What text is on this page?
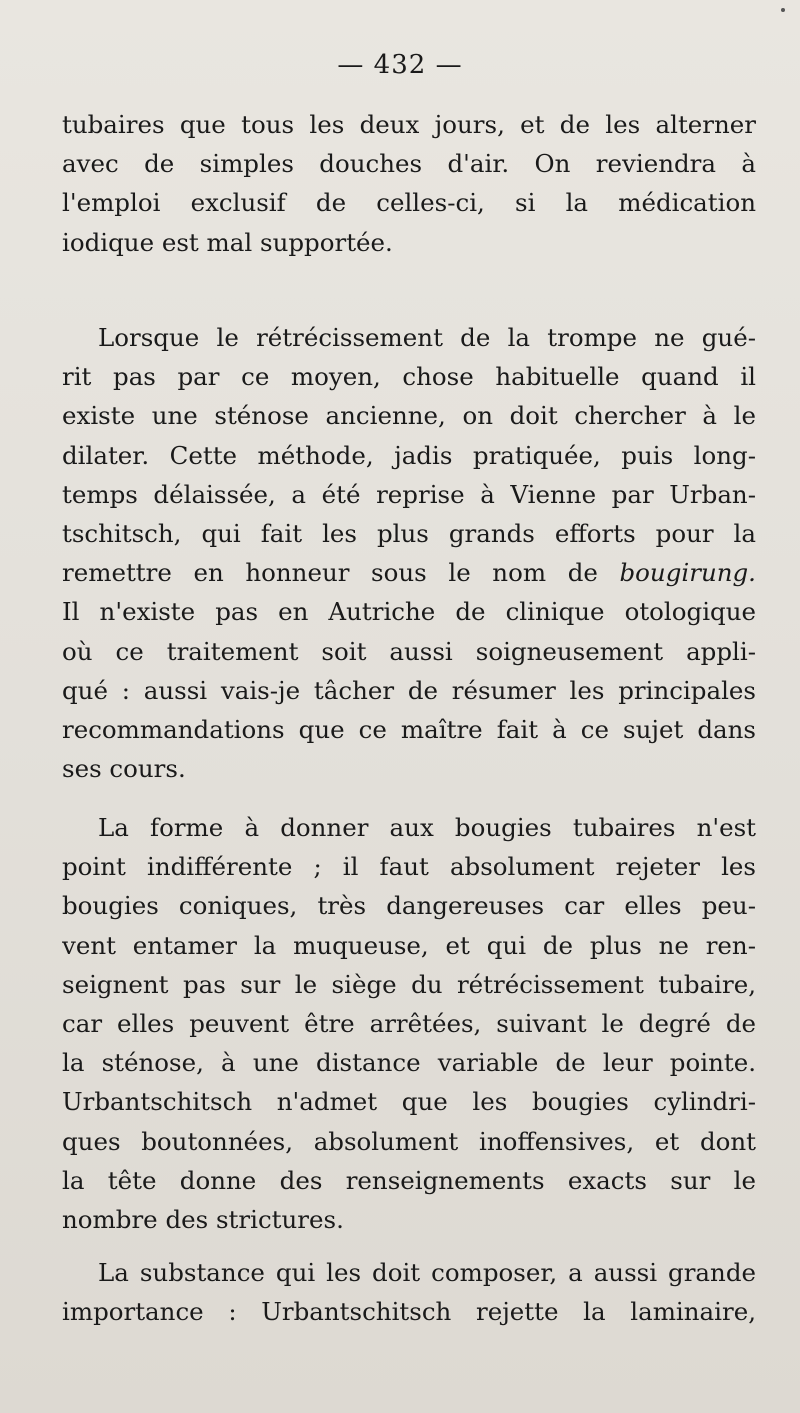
— 432 —
tubaires que tous les deux jours, et de les alterner
avec de simples douches d'air. On reviendra à
l'emploi exclusif de celles-ci, si la médication
iodique est mal supportée.
Lorsque le rétrécissement de la trompe ne gué-
rit pas par ce moyen, chose habituelle quand il
existe une sténose ancienne, on doit chercher à le
dilater. Cette méthode, jadis pratiquée, puis long-
temps délaissée, a été reprise à Vienne par Urban-
tschitsch, qui fait les plus grands efforts pour la
remettre en honneur sous le nom de bougirung.
Il n'existe pas en Autriche de clinique otologique
où ce traitement soit aussi soigneusement appli-
qué : aussi vais-je tâcher de résumer les principales
recommandations que ce maître fait à ce sujet dans
ses cours.
La forme à donner aux bougies tubaires n'est
point indifférente ; il faut absolument rejeter les
bougies coniques, très dangereuses car elles peu-
vent entamer la muqueuse, et qui de plus ne ren-
seignent pas sur le siège du rétrécissement tubaire,
car elles peuvent être arrêtées, suivant le degré de
la sténose, à une distance variable de leur pointe.
Urbantschitsch n'admet que les bougies cylindri-
ques boutonnées, absolument inoffensives, et dont
la tête donne des renseignements exacts sur le
nombre des strictures.
La substance qui les doit composer, a aussi grande
importance : Urbantschitsch rejette la laminaire,
